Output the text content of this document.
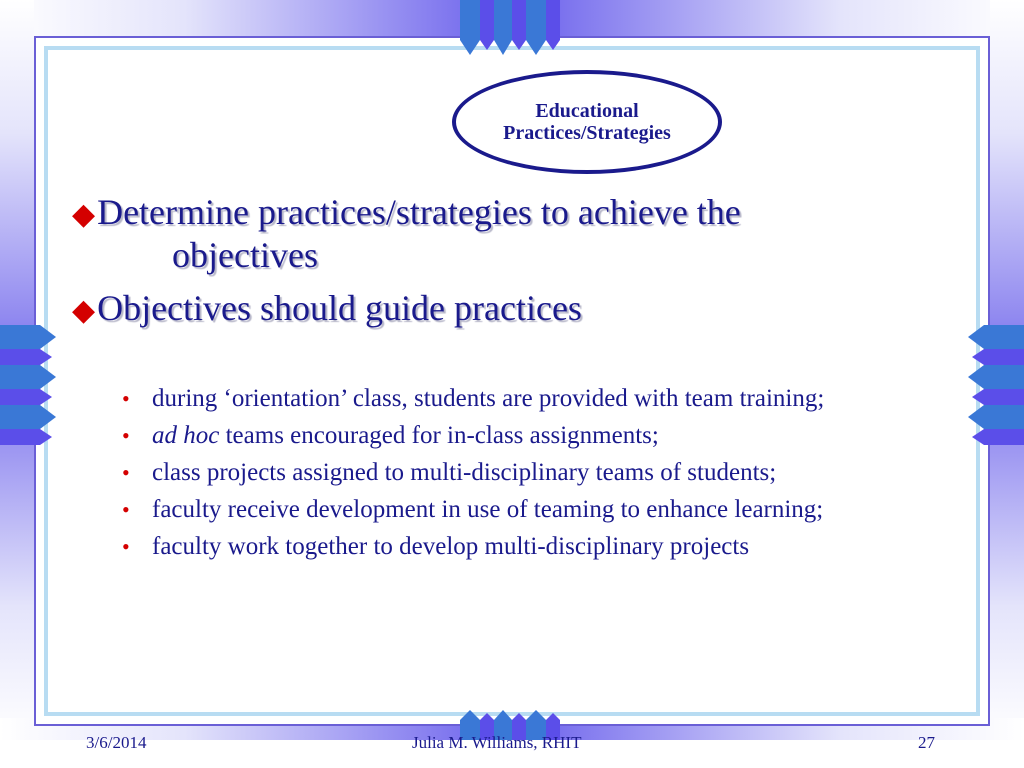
Educational
Practices/Strategies
◆Determine practices/strategies to achieve the
objectives
◆Objectives should guide practices
• during ‘orientation’ class, students are provided with team training;
• ad hoc teams encouraged for in-class assignments;
• class projects assigned to multi-disciplinary teams of students;
• faculty receive development in use of teaming to enhance learning;
• faculty work together to develop multi-disciplinary projects
3/6/2014	Julia M. Williams, RHIT	27
